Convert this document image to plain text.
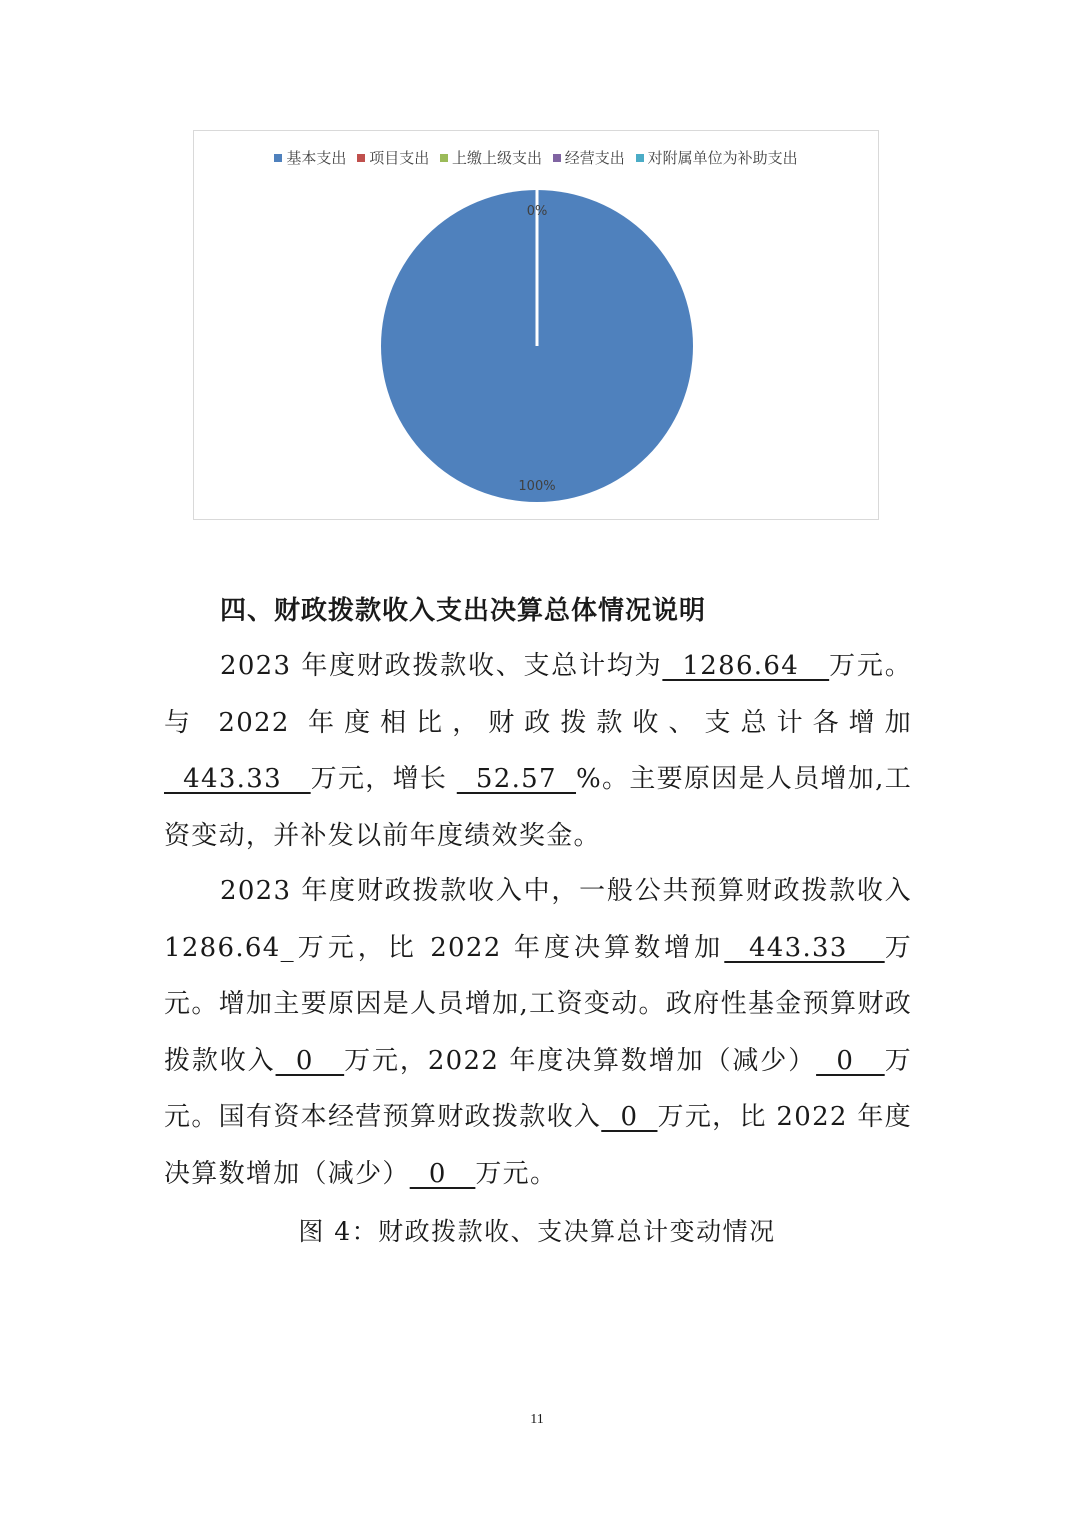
基本支出 项目支出 上缴上级支出 经营支出 对附属单位为补助支出
100%
0%
四、财政拨款收入支出决算总体情况说明
2023 年度财政拨款收、支总计均为  1286.64   万元。与 2022 年度相比，财政拨款收、支总计各增加  443.33   万元，增长   52.57  %。主要原因是人员增加,工资变动，并补发以前年度绩效奖金。
2023 年度财政拨款收入中，一般公共预算财政拨款收入 1286.64_万元，比 2022 年度决算数增加  443.33   万元。增加主要原因是人员增加,工资变动。政府性基金预算财政拨款收入  0   万元，2022 年度决算数增加（减少）  0   万元。国有资本经营预算财政拨款收入  0  万元，比 2022 年度决算数增加（减少）  0   万元。
图 4：财政拨款收、支决算总计变动情况
11
